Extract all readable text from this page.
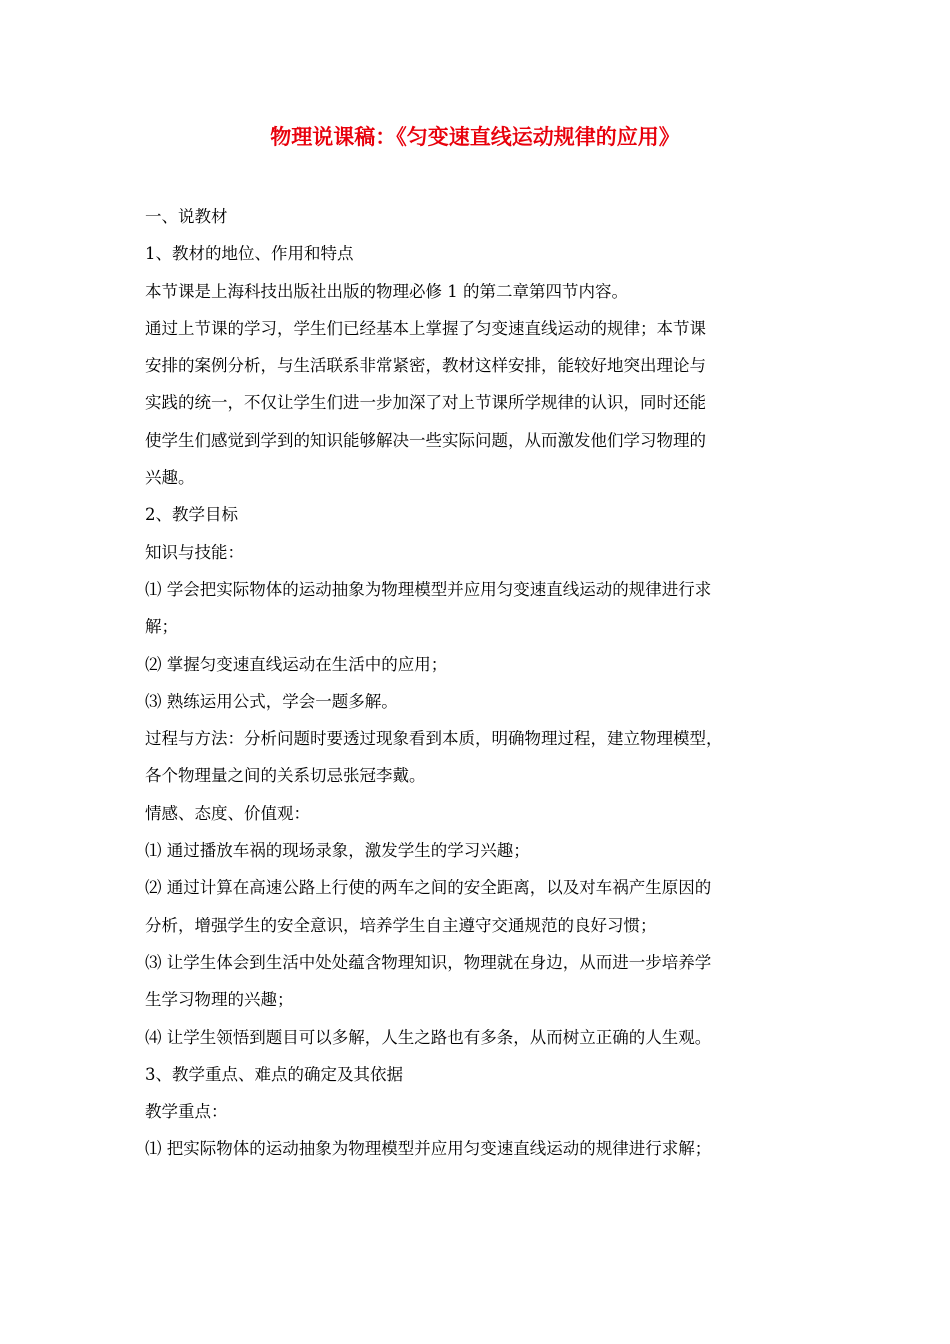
物理说课稿：《匀变速直线运动规律的应用》
一、说教材
1、教材的地位、作用和特点
本节课是上海科技出版社出版的物理必修 1 的第二章第四节内容。
通过上节课的学习，学生们已经基本上掌握了匀变速直线运动的规律；本节课
安排的案例分析，与生活联系非常紧密，教材这样安排，能较好地突出理论与
实践的统一，不仅让学生们进一步加深了对上节课所学规律的认识，同时还能
使学生们感觉到学到的知识能够解决一些实际问题，从而激发他们学习物理的
兴趣。
2、教学目标
知识与技能：
⑴ 学会把实际物体的运动抽象为物理模型并应用匀变速直线运动的规律进行求
解；
⑵ 掌握匀变速直线运动在生活中的应用；
⑶ 熟练运用公式，学会一题多解。
过程与方法：分析问题时要透过现象看到本质，明确物理过程，建立物理模型，
各个物理量之间的关系切忌张冠李戴。
情感、态度、价值观：
⑴ 通过播放车祸的现场录象，激发学生的学习兴趣；
⑵ 通过计算在高速公路上行使的两车之间的安全距离，以及对车祸产生原因的
分析，增强学生的安全意识，培养学生自主遵守交通规范的良好习惯；
⑶ 让学生体会到生活中处处蕴含物理知识，物理就在身边，从而进一步培养学
生学习物理的兴趣；
⑷ 让学生领悟到题目可以多解，人生之路也有多条，从而树立正确的人生观。
3、教学重点、难点的确定及其依据
教学重点：
⑴ 把实际物体的运动抽象为物理模型并应用匀变速直线运动的规律进行求解；
